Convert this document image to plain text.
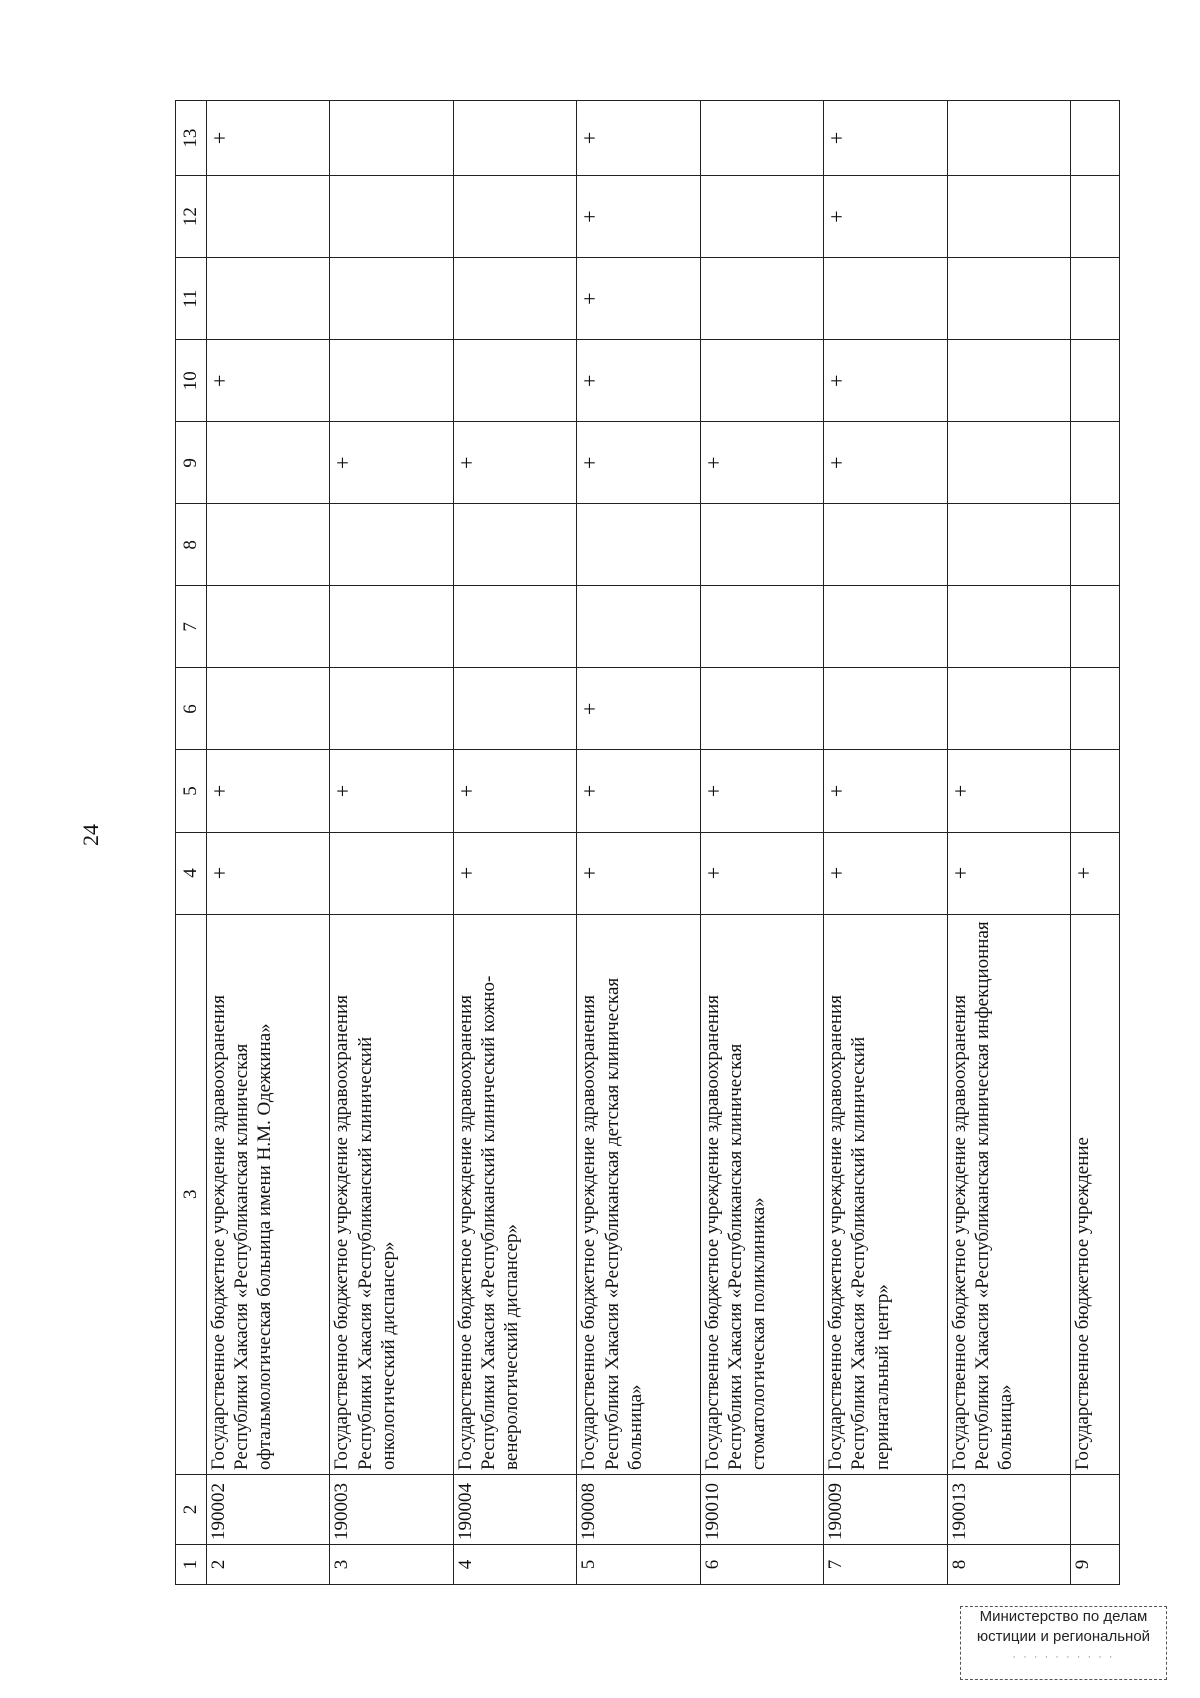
24
1	2	3	4	5	6	7	8	9	10	11	12	13
2	190002	Государственное бюджетное учреждение здравоохранения Республики Хакасия «Республиканская клиническая офтальмологическая больница имени Н.М. Одежкина»	+	+					+			+
3	190003	Государственное бюджетное учреждение здравоохранения Республики Хакасия «Республиканский клинический онкологический диспансер»		+				+				
4	190004	Государственное бюджетное учреждение здравоохранения Республики Хакасия «Республиканский клинический кожно-венерологический диспансер»	+	+				+				
5	190008	Государственное бюджетное учреждение здравоохранения Республики Хакасия «Республиканская детская клиническая больница»	+	+	+			+	+	+	+	+
6	190010	Государственное бюджетное учреждение здравоохранения Республики Хакасия «Республиканская клиническая стоматологическая поликлиника»	+	+				+				
7	190009	Государственное бюджетное учреждение здравоохранения Республики Хакасия «Республиканский клинический перинатальный центр»	+	+				+	+		+	+
8	190013	Государственное бюджетное учреждение здравоохранения Республики Хакасия «Республиканская клиническая инфекционная больница»	+	+								
9		Государственное бюджетное учреждение	+									
Министерство по делам
юстиции и региональной
· · · · · · · · · ·
